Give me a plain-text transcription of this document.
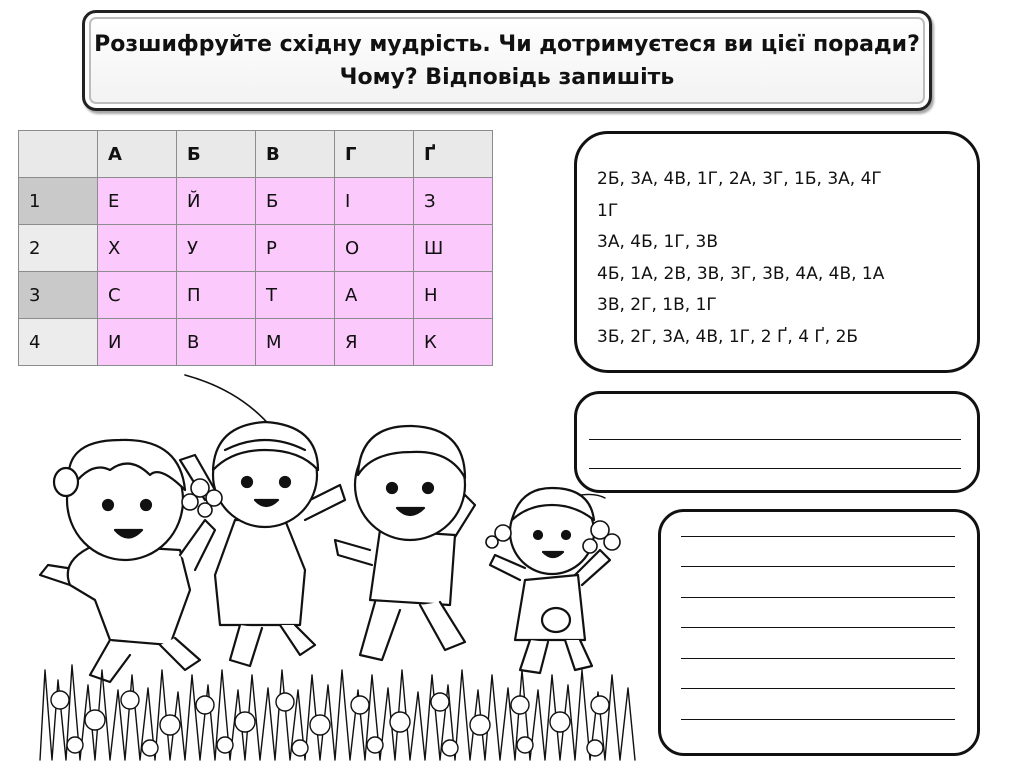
Розшифруйте східну мудрість. Чи дотримуєтеся ви цієї поради?
Чому? Відповідь запишіть
	А	Б	В	Г	Ґ
1	Е	Й	Б	І	З
2	Х	У	Р	О	Ш
3	С	П	Т	А	Н
4	И	В	М	Я	К
2Б, 3А, 4В, 1Г, 2А, 3Г, 1Б, 3А, 4Г
1Г
3А, 4Б, 1Г, 3В
4Б, 1А, 2В, 3В, 3Г, 3В, 4А, 4В, 1А
3В, 2Г, 1В, 1Г
3Б, 2Г, 3А, 4В, 1Г, 2 Ґ, 4 Ґ, 2Б
